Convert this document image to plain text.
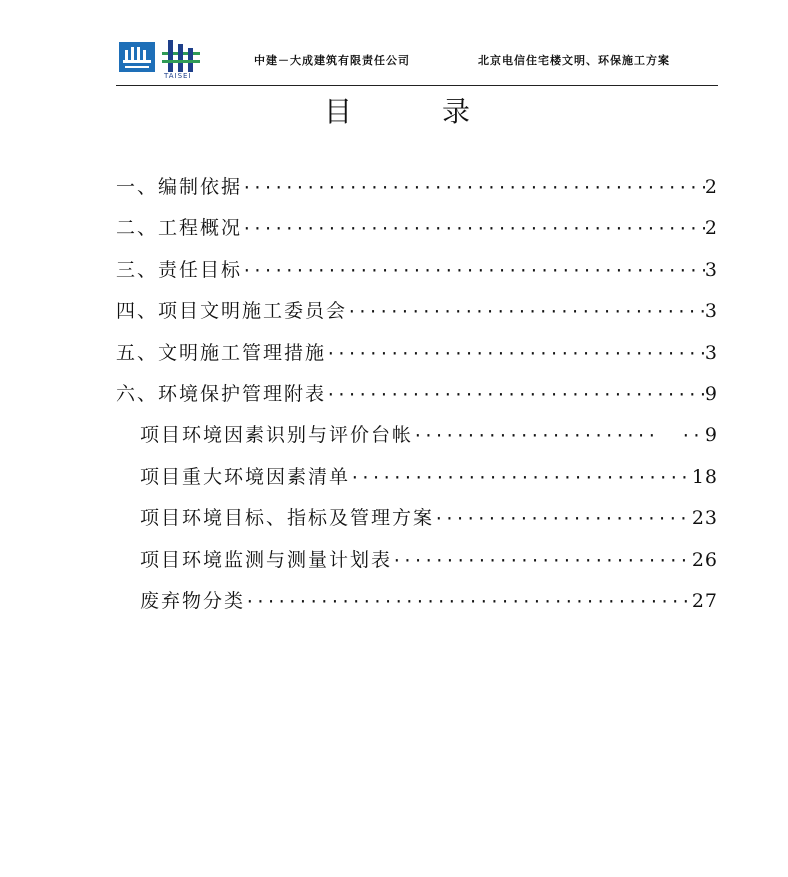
TAISEI
中建－大成建筑有限责任公司	北京电信住宅楼文明、环保施工方案
目	录
一、编制依据 ·····	2
二、工程概况 ·····	2
三、责任目标 ·····	3
四、项目文明施工委员会 ·····	3
五、文明施工管理措施 ·····	3
六、环境保护管理附表 ·····	9
项目环境因素识别与评价台帐 ····· ·····	9
项目重大环境因素清单 ·····	18
项目环境目标、指标及管理方案 ·····	23
项目环境监测与测量计划表 ·····	26
废弃物分类 ·····	27
